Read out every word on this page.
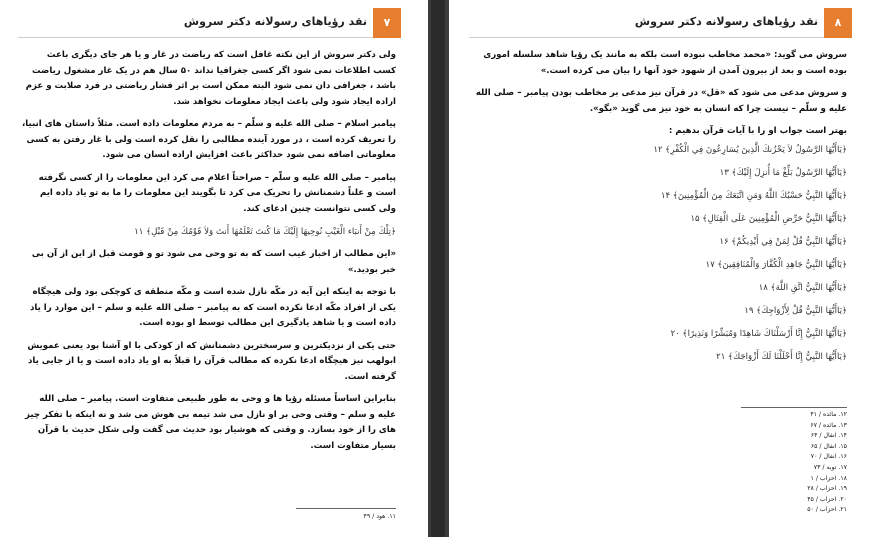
۷
نقد رؤیاهای رسولانه دکتر سروش

ولی دکتر سروش از این نکته غافل است که ریاضت در غار و یا هر جای دیگری باعث کسب اطلاعات نمی شود اگر کسی جغرافیا نداند ۵۰ سال هم در یک غار مشغول ریاضت باشد ، جغرافی دان نمی شود البته ممکن است بر اثر فشار ریاضتی در فرد صلابت و عزم اراده ایجاد شود ولی باعث ایجاد معلومات نخواهد شد.

پیامبر اسلام – صلی الله علیه و سلّم – به مردم معلومات داده است. مثلاً داستان های انبیا، را تعریف کرده است ، در مورد آینده مطالبی را نقل کرده است ولی با غار رفتن به کسی معلوماتی اضافه نمی شود حداکثر باعث افزایش اراده انسان می شود.

پیامبر – صلی الله علیه و سلّم – صراحتاً اعلام می کرد این معلومات را از کسی نگرفته است و علناً دشمنانش را تحریک می کرد تا بگویند این معلومات را ما به تو یاد داده ایم ولی کسی نتوانست چنین ادعای کند.

﴿تِلْكَ مِنْ أَنبَاء الْغَيْبِ نُوحِيهَا إِلَيْكَ مَا كُنتَ تَعْلَمُهَا أَنتَ وَلاَ قَوْمُكَ مِنْ قَبْلِ﴾ ۱۱

«این مطالب از اخبار غیب است که به تو وحی می شود تو و قومت قبل از این از آن بی خبر بودید.»

با توجه به اینکه این آیه در مکّه نازل شده است و مکّه منطقه ی کوچکی بود ولی هیچگاه یکی از افراد مکّه ادعا نکرده است که به پیامبر – صلی الله علیه و سلم – این موارد را یاد داده است و یا شاهد یادگیری این مطالب توسط او بوده است.

حتی یکی از نزدیکترین و سرسخترین دشمنانش که از کودکی با او آشنا بود یعنی عمویش ابولهب نیز هیچگاه ادعا نکرده که مطالب قرآن را قبلاً به او یاد داده است و یا از جایی یاد گرفته است.

بنابراین اساساً مسئله رؤیا ها و وحی به طور طبیعی متفاوت است. پیامبر – صلی الله علیه و سلم – وقتی وحی بر او نازل می شد تیمه بی هوش می شد و نه اینکه با تفکر چیز های را از خود بسازد. و وقتی که هوشیار بود حدیث می گفت ولی شکل حدیث با قرآن بسیار متفاوت است.

۱۱. هود / ۴۹
۸
نقد رؤیاهای رسولانه دکتر سروش

سروش می گوید: «محمد مخاطب نبوده است بلکه به مانند یک رؤیا شاهد سلسله اموری بوده است و بعد از بیرون آمدن از شهود خود آنها را بیان می کرده است.»

و سروش مدعی می شود که «قل» در قرآن نیز مدعی بر مخاطب بودن پیامبر – صلی الله علیه و سلّم – نیست چرا که انسان به خود نیز می گوید «بگو».

بهتر است جواب او را با آیات قرآن بدهیم :

﴿يَاأَيُّهَا الرَّسُولُ لاَ يَحْزُنكَ الَّذِينَ يُسَارِعُونَ فِي الْكُفْرِ﴾ ۱۲

﴿يَاأَيُّهَا الرَّسُولُ بَلِّغْ مَا أُنزِلَ إِلَيْكَ﴾ ۱۳

﴿يَاأَيُّهَا النَّبِيُّ حَسْبُكَ اللَّهُ وَمَنِ اتَّبَعَكَ مِنَ الْمُؤْمِنِينَ﴾ ۱۴

﴿يَاأَيُّهَا النَّبِيُّ حَرِّضِ الْمُؤْمِنِينَ عَلَى الْقِتَالِ﴾ ۱۵

﴿يَاأَيُّهَا النَّبِيُّ قُلْ لِمَنْ فِي أَيْدِيكُمْ﴾ ۱۶

﴿يَاأَيُّهَا النَّبِيُّ جَاهِدِ الْكُفَّارَ وَالْمُنَافِقِينَ﴾ ۱۷

﴿يَاأَيُّهَا النَّبِيُّ اتَّقِ اللَّهَ﴾ ۱۸

﴿يَاأَيُّهَا النَّبِيُّ قُلْ لِأَزْوَاجِكَ﴾ ۱۹

﴿يَاأَيُّهَا النَّبِيُّ إِنَّا أَرْسَلْنَاكَ شَاهِدًا وَمُبَشِّرًا وَنَذِيرًا﴾ ۲۰

﴿يَاأَيُّهَا النَّبِيُّ إِنَّا أَحْلَلْنَا لَكَ أَزْوَاجَكَ﴾ ۲۱

۱۲. مائده / ۴۱
۱۳. مائده / ۶۷
۱۴. انفال / ۶۴
۱۵. انفال / ۶۵
۱۶. انفال / ۷۰
۱۷. توبه / ۷۳
۱۸. احزاب / ۱
۱۹. احزاب / ۲۸
۲۰. احزاب / ۴۵
۲۱. احزاب / ۵۰
